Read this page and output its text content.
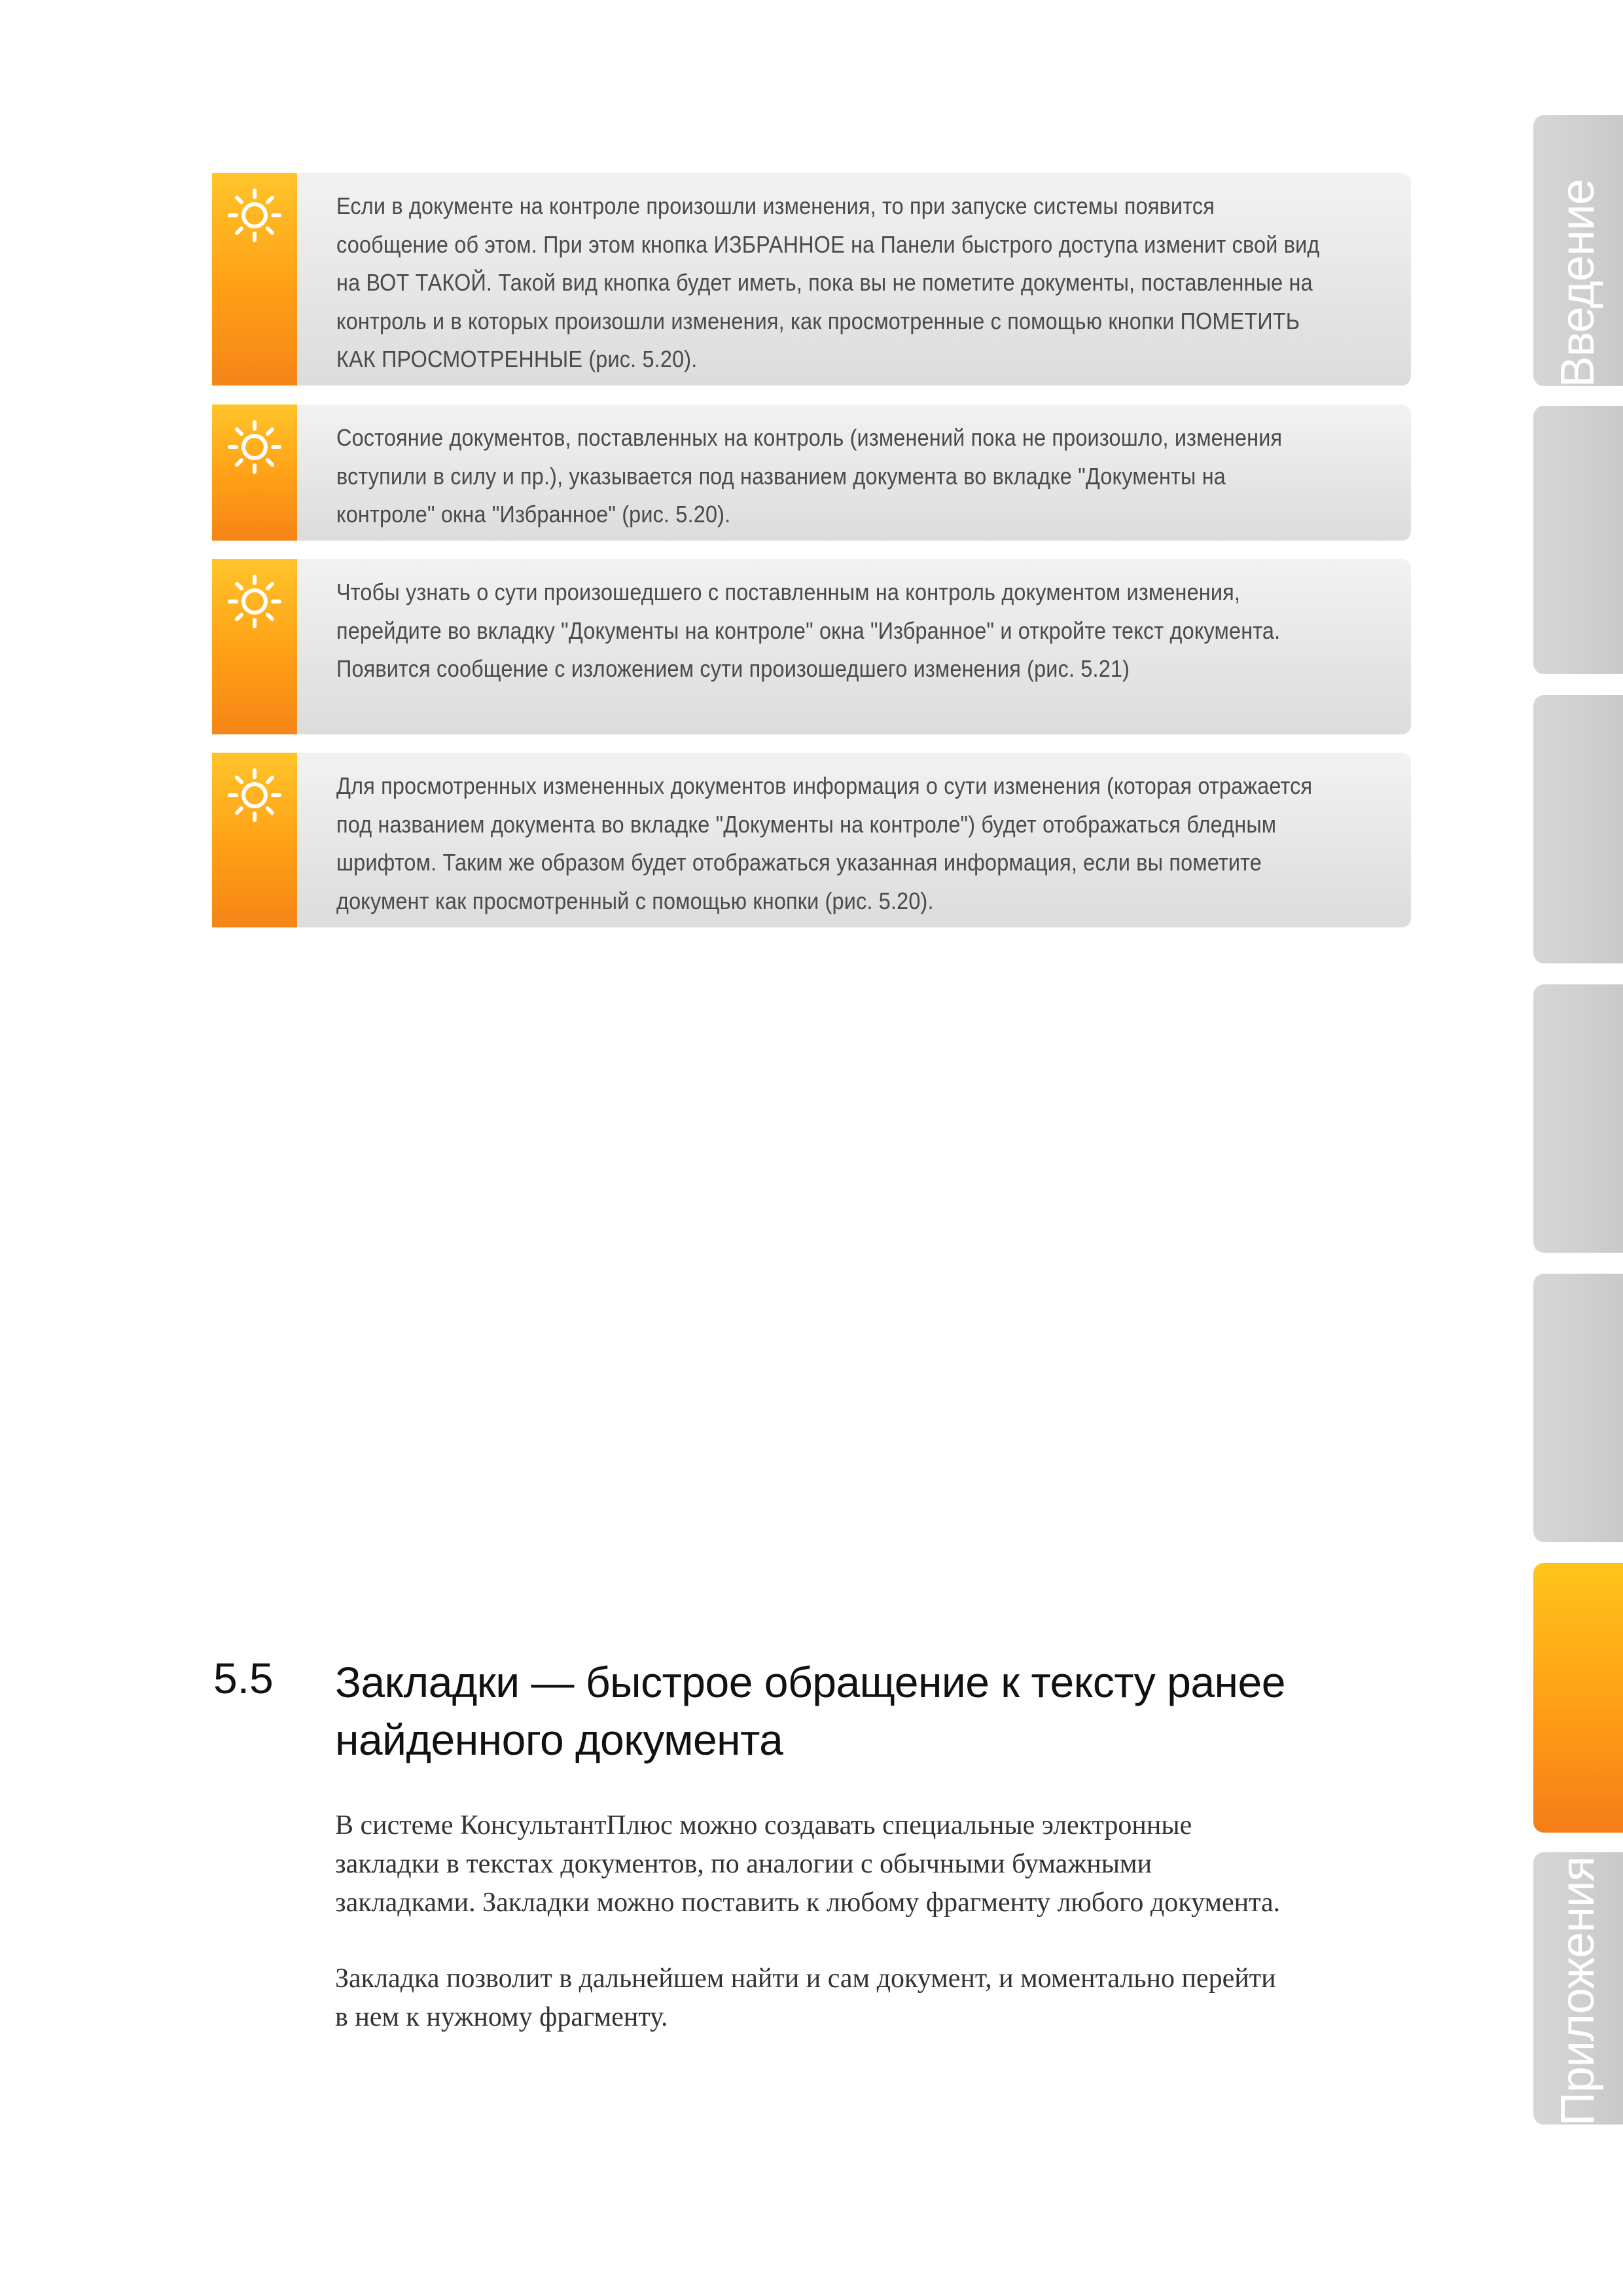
Если в документе на контроле произошли изменения, то при запуске системы появится
сообщение об этом. При этом кнопка ИЗБРАННОЕ на Панели быстрого доступа изменит свой вид
на ВОТ ТАКОЙ. Такой вид кнопка будет иметь, пока вы не пометите документы, поставленные на
контроль и в которых произошли изменения, как просмотренные с помощью кнопки ПОМЕТИТЬ
КАК ПРОСМОТРЕННЫЕ (рис. 5.20).
Состояние документов, поставленных на контроль (изменений пока не произошло, изменения
вступили в силу и пр.), указывается под названием документа во вкладке "Документы на
контроле" окна "Избранное" (рис. 5.20).
Чтобы узнать о сути произошедшего с поставленным на контроль документом изменения,
перейдите во вкладку "Документы на контроле" окна "Избранное" и откройте текст документа.
Появится сообщение с изложением сути произошедшего изменения (рис. 5.21)
Для просмотренных измененных документов информация о сути изменения (которая отражается
под названием документа во вкладке "Документы на контроле") будет отображаться бледным
шрифтом. Таким же образом будет отображаться указанная информация, если вы пометите
документ как просмотренный с помощью кнопки (рис. 5.20).
5.5 Закладки — быстрое обращение к тексту ранее
найденного документа
В системе КонсультантПлюс можно создавать специальные электронные
закладки в текстах документов, по аналогии с обычными бумажными
закладками. Закладки можно поставить к любому фрагменту любого документа.
Закладка позволит в дальнейшем найти и сам документ, и моментально перейти
в нем к нужному фрагменту.
Введение
Приложения
